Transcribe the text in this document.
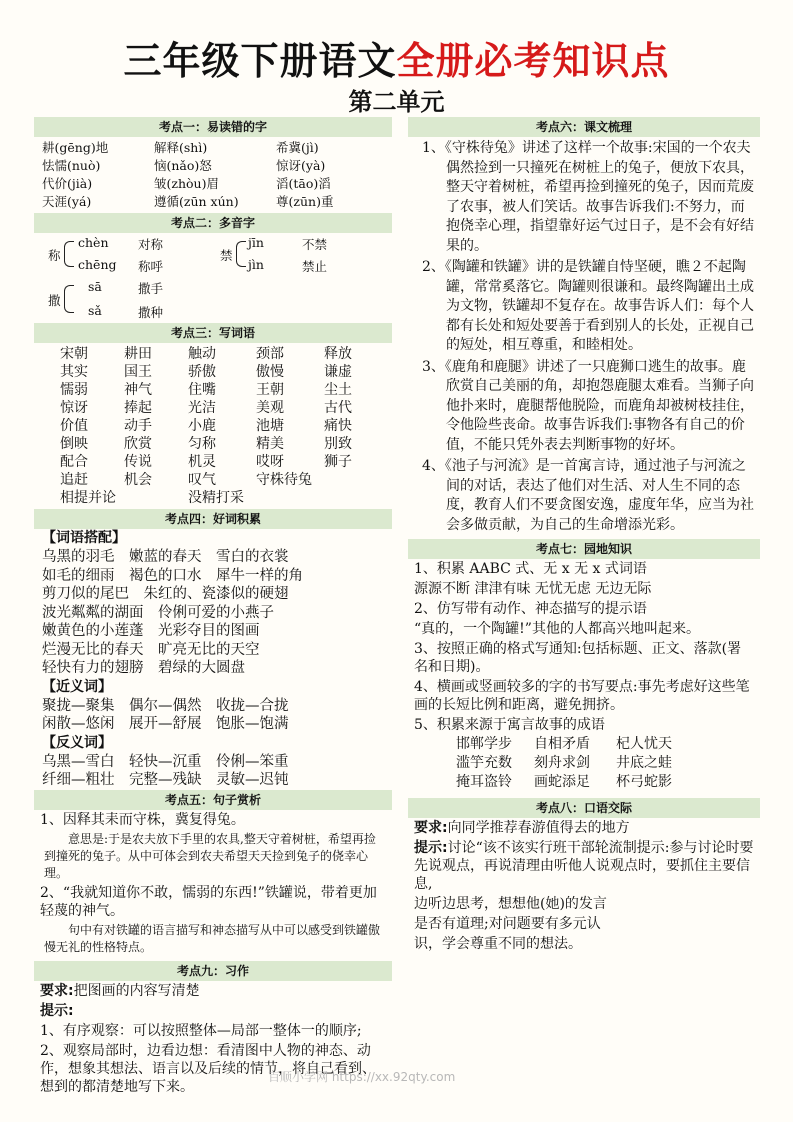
三年级下册语文全册必考知识点
第二单元
考点一：易读错的字
耕(gēng)地	解释(shì)	希冀(jì)
怯懦(nuò)	恼(nǎo)怒	惊讶(yà)
代价(jià)	皱(zhòu)眉	滔(tāo)滔
天涯(yá)	遵循(zūn xún)	尊(zūn)重
考点二：多音字
称
chèn 对称
chēng 称呼
禁
jīn	不禁
jìn	禁止
撒
sā	撒手
sǎ	撒种
考点三：写词语
宋朝	耕田	触动	颈部	释放
其实	国王	骄傲	傲慢	谦虚
懦弱	神气	住嘴	王朝	尘土
惊讶	捧起	光洁	美观	古代
价值	动手	小鹿	池塘	痛快
倒映	欣赏	匀称	精美	別致
配合	传说	机灵	哎呀	狮子
追赶	机会	叹气	守株待兔
相提并论	没精打采
考点四：好词积累
【词语搭配】
乌黑的羽毛　嫩蓝的春天　雪白的衣裳
如毛的细雨　褐色的口水　犀牛一样的角
剪刀似的尾巴　朱红的、瓷漆似的硬翅
波光粼粼的湖面　伶俐可爱的小燕子
嫩黄色的小莲蓬　光彩夺目的图画
烂漫无比的春天　旷亮无比的天空
轻快有力的翅膀　碧绿的大圆盘
【近义词】
聚拢—聚集　偶尔—偶然　收拢—合拢
闲散—悠闲　展开—舒展　饱胀—饱满
【反义词】
乌黑—雪白　轻快—沉重　伶俐—笨重
纤细—粗壮　完整—残缺　灵敏—迟钝
考点五：句子赏析
1、因释其耒而守株，冀复得兔。
意思是:于是农夫放下手里的农具,整天守着树桩，希望再捡到撞死的兔子。从中可体会到农夫希望天天捡到兔子的侥幸心理。
2、“我就知道你不敢，懦弱的东西!”铁罐说，带着更加轻蔑的神气。
句中有对铁罐的语言描写和神态描写从中可以感受到铁罐傲慢无礼的性格特点。
考点九：习作
要求:把图画的内容写清楚
提示:
1、有序观察：可以按照整体—局部一整体一的顺序;
2、观察局部时，边看边想：看清图中人物的神态、动作，想象其想法、语言以及后续的情节，将自己看到、想到的都清楚地写下来。
考点六：课文梳理
1、《守株待兔》讲述了这样一个故事:宋国的一个农夫偶然捡到一只撞死在树桩上的兔子，便放下农具，整天守着树桩，希望再捡到撞死的兔子，因而荒废了农事，被人们笑话。故事告诉我们:不努力，而抱侥幸心理，指望靠好运气过日子，是不会有好结果的。
2、《陶罐和铁罐》讲的是铁罐自恃坚硬，瞧２不起陶罐，常常奚落它。陶罐则很谦和。最终陶罐出土成为文物，铁罐却不复存在。故事告诉人们：每个人都有长处和短处要善于看到别人的长处，正视自己的短处，相互尊重，和睦相处。
3、《鹿角和鹿腿》讲述了一只鹿狮口逃生的故事。鹿欣赏自己美丽的角，却抱怨鹿腿太难看。当狮子向他扑来时，鹿腿帮他脱险，而鹿角却被树枝挂住，令他险些丧命。故事告诉我们:事物各有自己的价值，不能只凭外表去判断事物的好坏。
4、《池子与河流》是一首寓言诗，通过池子与河流之间的对话，表达了他们对生活、对人生不同的态度，教育人们不要贪图安逸，虚度年华，应当为社会多做贡献，为自己的生命增添光彩。
考点七：园地知识
1、积累 AABC 式、无 x 无 x 式词语
源源不断 津津有味 无忧无虑 无边无际
2、仿写带有动作、神态描写的提示语
“真的，一个陶罐!”其他的人都高兴地叫起来。
3、按照正确的格式写通知:包括标题、正文、落款(署名和日期)。
4、横画或竖画较多的字的书写要点:事先考虑好这些笔画的长短比例和距离，避免拥挤。
5、积累来源于寓言故事的成语
邯郸学步	自相矛盾	杞人忧天
滥竽充数	刻舟求剑	井底之蛙
掩耳盗铃	画蛇添足	杯弓蛇影
考点八：口语交际
要求:向同学推荐春游值得去的地方
提示:讨论“该不该实行班干部轮流制提示:参与讨论时要先说观点，再说清理由听他人说观点时，要抓住主要信息,
边听边思考，想想他(她)的发言
是否有道理;对问题要有多元认
识，学会尊重不同的想法。
百顺小学网 https://xx.92qty.com
